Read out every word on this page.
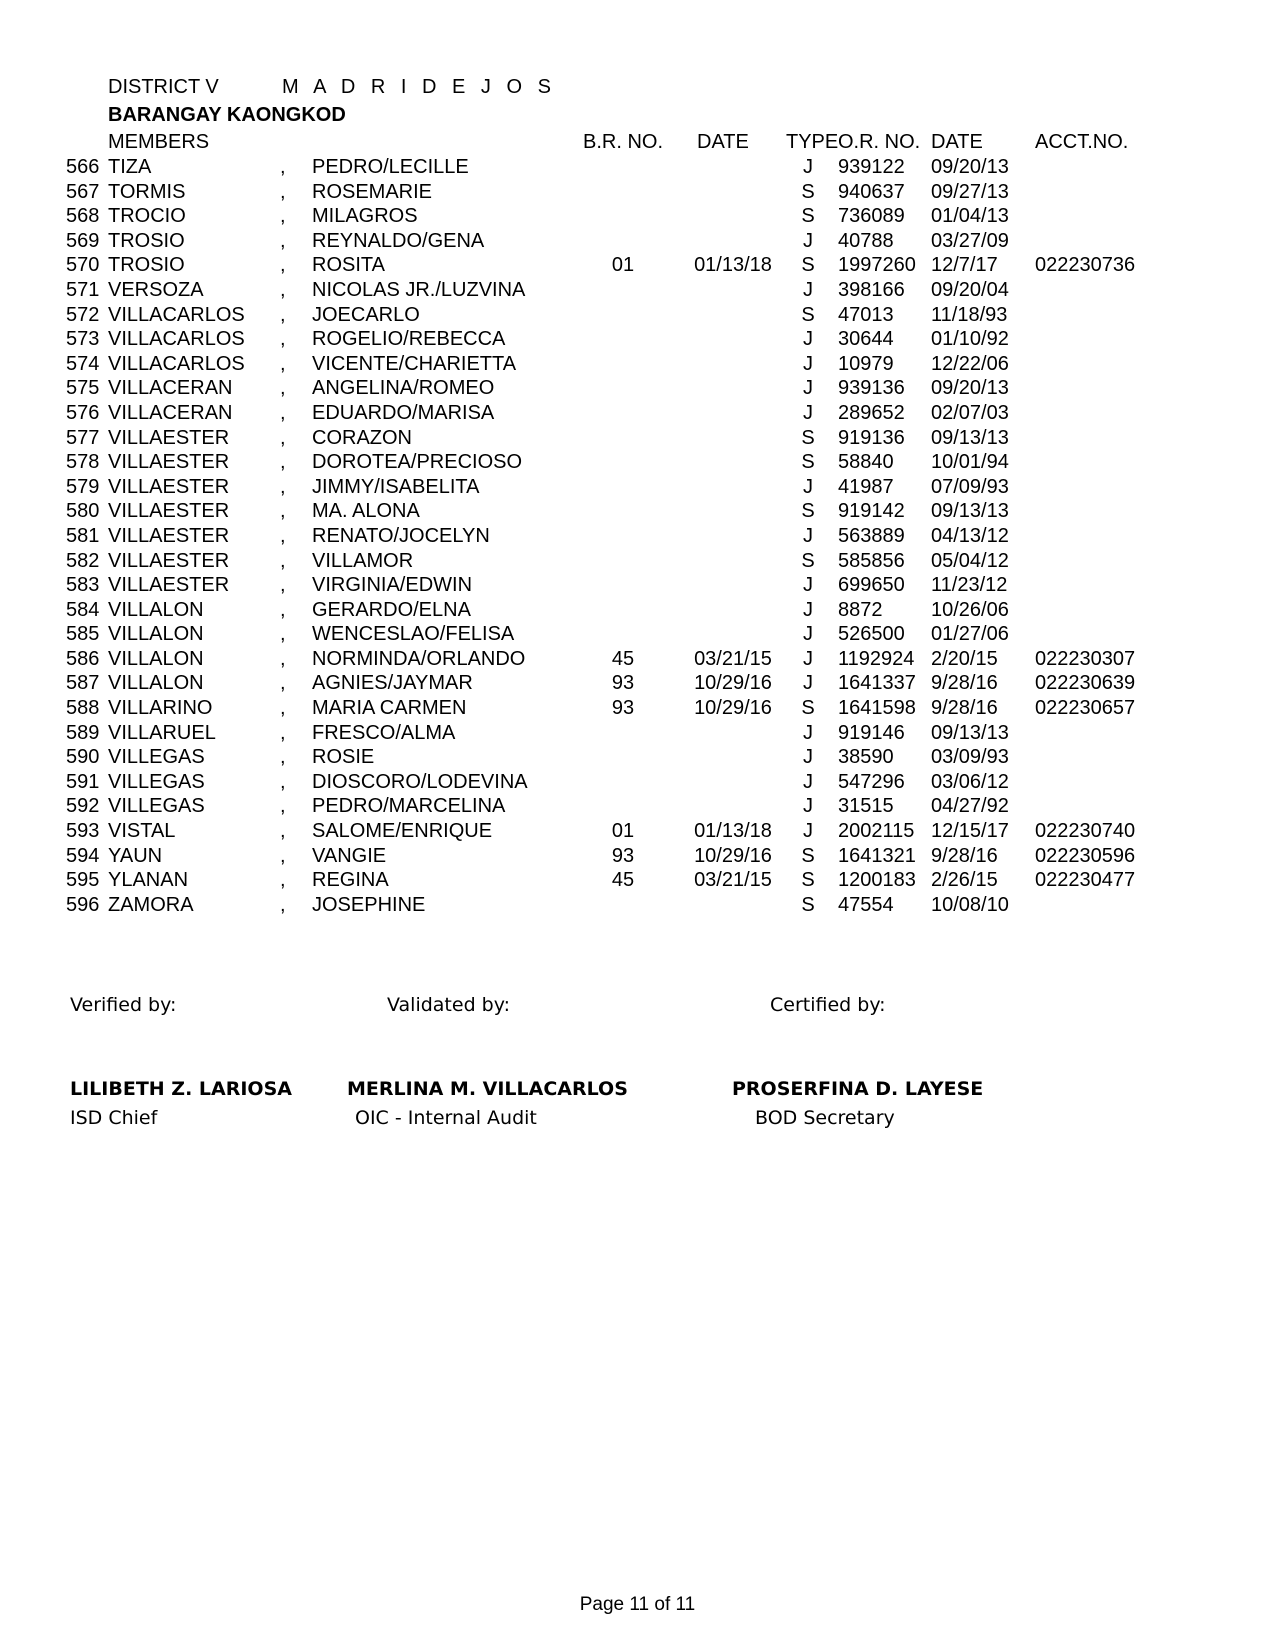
DISTRICT V	M A D R I D E J O S
BARANGAY KAONGKOD
MEMBERS	B.R. NO. DATE TYPE O.R. NO. DATE	ACCT.NO.
566 TIZA	, PEDRO/LECILLE	J	939122 09/20/13
567 TORMIS	, ROSEMARIE	S	940637 09/27/13
568 TROCIO	, MILAGROS	S	736089 01/04/13
569 TROSIO	, REYNALDO/GENA	J	40788 03/27/09
570 TROSIO	, ROSITA	01	01/13/18	S	1997260 12/7/17 022230736
571 VERSOZA	, NICOLAS JR./LUZVINA	J	398166 09/20/04
572 VILLACARLOS , JOECARLO	S	47013 11/18/93
573 VILLACARLOS , ROGELIO/REBECCA	J	30644 01/10/92
574 VILLACARLOS , VICENTE/CHARIETTA	J	10979 12/22/06
575 VILLACERAN , ANGELINA/ROMEO	J	939136 09/20/13
576 VILLACERAN , EDUARDO/MARISA	J	289652 02/07/03
577 VILLAESTER	, CORAZON	S	919136 09/13/13
578 VILLAESTER	, DOROTEA/PRECIOSO	S	58840 10/01/94
579 VILLAESTER	, JIMMY/ISABELITA	J	41987 07/09/93
580 VILLAESTER	, MA. ALONA	S	919142 09/13/13
581 VILLAESTER	, RENATO/JOCELYN	J	563889 04/13/12
582 VILLAESTER	, VILLAMOR	S	585856 05/04/12
583 VILLAESTER	, VIRGINIA/EDWIN	J	699650 11/23/12
584 VILLALON	, GERARDO/ELNA	J	8872 10/26/06
585 VILLALON	, WENCESLAO/FELISA	J	526500 01/27/06
586 VILLALON	, NORMINDA/ORLANDO	45	03/21/15	J	1192924 2/20/15 022230307
587 VILLALON	, AGNIES/JAYMAR	93	10/29/16	J	1641337 9/28/16 022230639
588 VILLARINO	, MARIA CARMEN	93	10/29/16	S	1641598 9/28/16 022230657
589 VILLARUEL	, FRESCO/ALMA	J	919146 09/13/13
590 VILLEGAS	, ROSIE	J	38590 03/09/93
591 VILLEGAS	, DIOSCORO/LODEVINA	J	547296 03/06/12
592 VILLEGAS	, PEDRO/MARCELINA	J	31515 04/27/92
593 VISTAL	, SALOME/ENRIQUE	01	01/13/18	J	2002115 12/15/17 022230740
594 YAUN	, VANGIE	93	10/29/16	S	1641321 9/28/16 022230596
595 YLANAN	, REGINA	45	03/21/15	S	1200183 2/26/15 022230477
596 ZAMORA	, JOSEPHINE	S	47554 10/08/10
Verified by:	Validated by:	Certified by:
LILIBETH Z. LARIOSA	MERLINA M. VILLACARLOS	PROSERFINA D. LAYESE
ISD Chief	OIC - Internal Audit	BOD Secretary
Page 11 of 11
